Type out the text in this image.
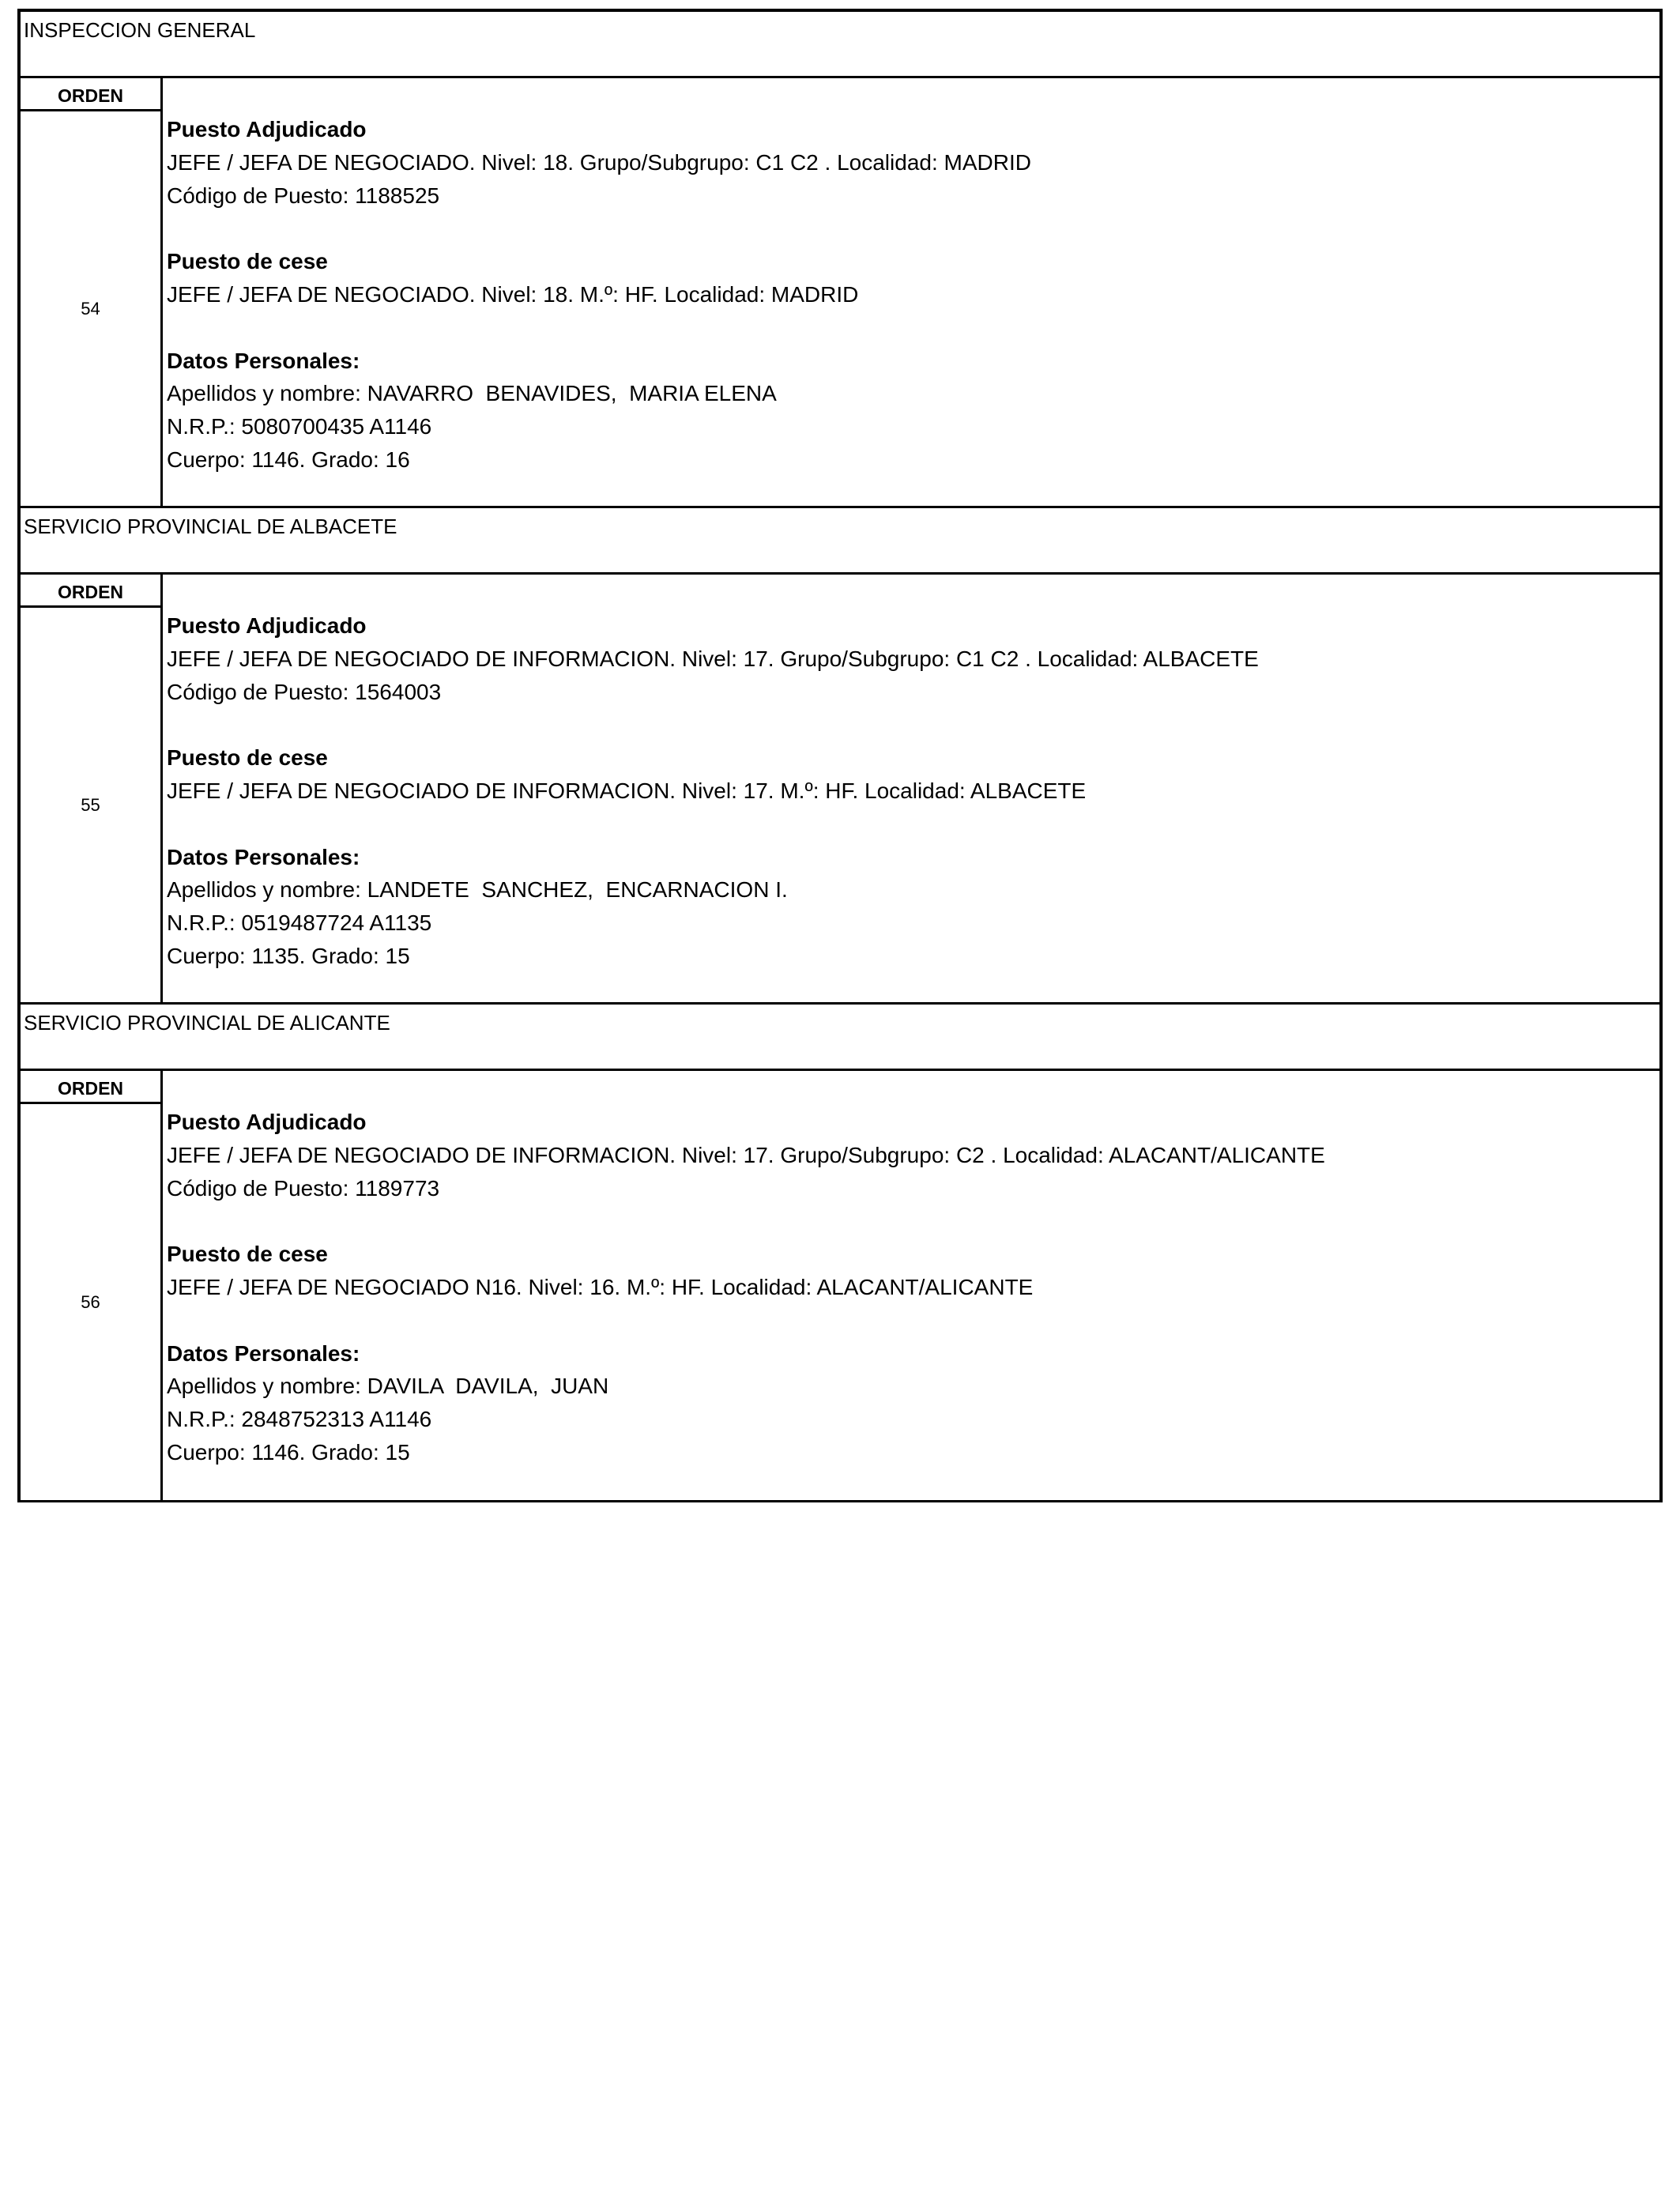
INSPECCION GENERAL
ORDEN
54
Puesto Adjudicado
JEFE / JEFA DE NEGOCIADO. Nivel: 18. Grupo/Subgrupo: C1 C2 . Localidad: MADRID
Código de Puesto: 1188525
Puesto de cese
JEFE / JEFA DE NEGOCIADO. Nivel: 18. M.º: HF. Localidad: MADRID
Datos Personales:
Apellidos y nombre: NAVARRO  BENAVIDES,  MARIA ELENA
N.R.P.: 5080700435 A1146
Cuerpo: 1146. Grado: 16
SERVICIO PROVINCIAL DE ALBACETE
ORDEN
55
Puesto Adjudicado
JEFE / JEFA DE NEGOCIADO DE INFORMACION. Nivel: 17. Grupo/Subgrupo: C1 C2 . Localidad: ALBACETE
Código de Puesto: 1564003
Puesto de cese
JEFE / JEFA DE NEGOCIADO DE INFORMACION. Nivel: 17. M.º: HF. Localidad: ALBACETE
Datos Personales:
Apellidos y nombre: LANDETE  SANCHEZ,  ENCARNACION I.
N.R.P.: 0519487724 A1135
Cuerpo: 1135. Grado: 15
SERVICIO PROVINCIAL DE ALICANTE
ORDEN
56
Puesto Adjudicado
JEFE / JEFA DE NEGOCIADO DE INFORMACION. Nivel: 17. Grupo/Subgrupo: C2 . Localidad: ALACANT/ALICANTE
Código de Puesto: 1189773
Puesto de cese
JEFE / JEFA DE NEGOCIADO N16. Nivel: 16. M.º: HF. Localidad: ALACANT/ALICANTE
Datos Personales:
Apellidos y nombre: DAVILA  DAVILA,  JUAN
N.R.P.: 2848752313 A1146
Cuerpo: 1146. Grado: 15
